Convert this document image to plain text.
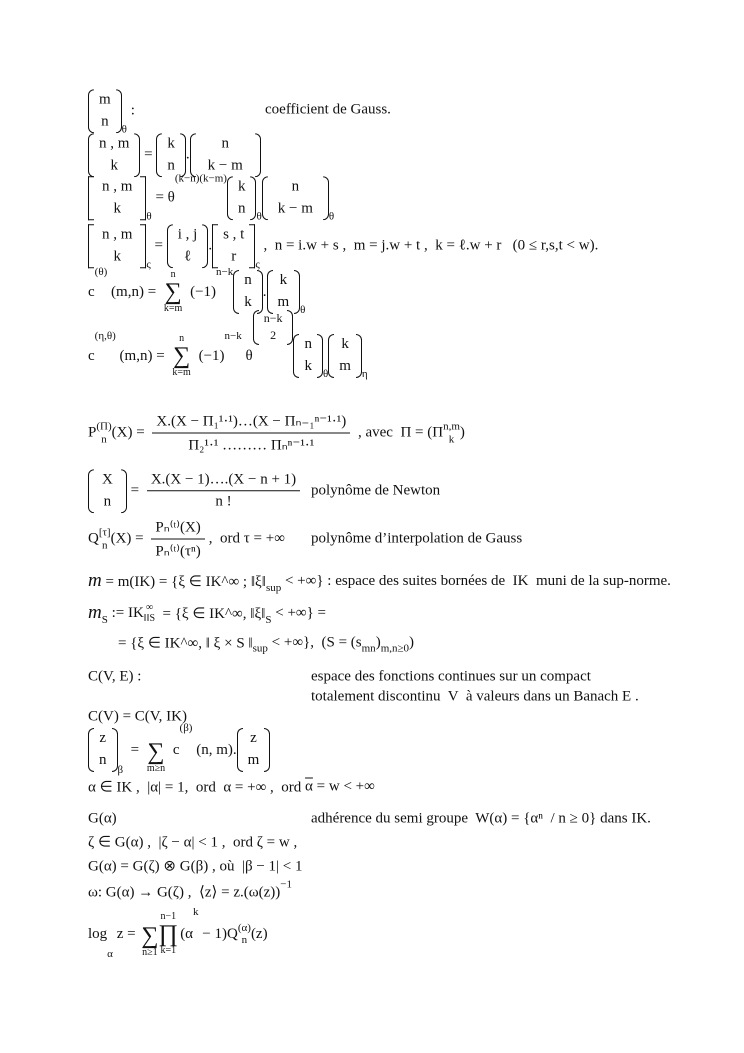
m
n θ
:	coefficient de Gauss.
n , m
k
=
k
n
.
n
k − m
n , m
k θ
= θ
(k−n)(k−m) k
n θ
n
k − m θ
n , m
k ς
=
i , j
ℓ
.
s , t
r ς
,  n = i.w + s ,  m = j.w + t ,  k = ℓ.w + r   (0 ≤ r,s,t < w).
c
(θ)
(m,n) =
n
∑
k=m
(−1)
n−k
n
k
.
k
m θ
c
(η,θ)
(m,n) =
n
∑
k=m
(−1)
n−k
θ
n−k
2
n
k θ
k
m η
P (Π)
n $(X) = \frac{\text{X.(X − Π₁¹·¹)…(X − Πₙ₋₁ⁿ⁻¹·¹)}}{\text{Π₂¹·¹ ……… Πₙⁿ⁻¹·¹}}$ , avec  Π = (Π n,m
k )
X
n
= $\frac{X.(X - 1)\dots.(X - n + 1)}{n !}$ polynôme de Newton
Q [τ]
n $(X) = \frac{\text{Pₙ⁽ᵗ⁾(X)}}{\text{Pₙ⁽ᵗ⁾(τⁿ)}}$ ,  ord τ = +∞ polynôme d’interpolation de Gauss
m = m(IK) = {ξ ∈ IK^∞ ; ‖ξ‖ sup < +∞} : espace des suites bornées de  IK  muni de la sup-norme.
m S := IK ∞
‖‖S = {ξ ∈ IK^∞, ‖ξ‖ S < +∞} =
= {ξ ∈ IK^∞, ‖ ξ × S ‖ sup < +∞},  (S = (s mn ) m,n≥0 )
C(V, E) :	espace des fonctions continues sur un compact
totalement discontinu  V  à valeurs dans un Banach E .
C(V) = C(V, IK)
z
n
β
= ∑
m≥n
c
(β)
(n, m).
z
m
α ∈ IK ,  |α| = 1,  ord  α = +∞ ,  ord $\overline{\alpha} = w$ < +∞
G(α)	adhérence du semi groupe  W(α) = {αⁿ  / n ≥ 0} dans IK.
ζ ∈ G(α) ,  |ζ − α| < 1 ,  ord ζ = w ,
G(α) = G(ζ) ⊗ G(β) , où  |β − 1| < 1
ω: G(α) → G(ζ) ,  ⟨z⟩ = z.(ω(z)) −1
log
α
z = ∑
n≥1
n−1
∏
k=1
(α
k
− 1)Q (α)
n (z)
